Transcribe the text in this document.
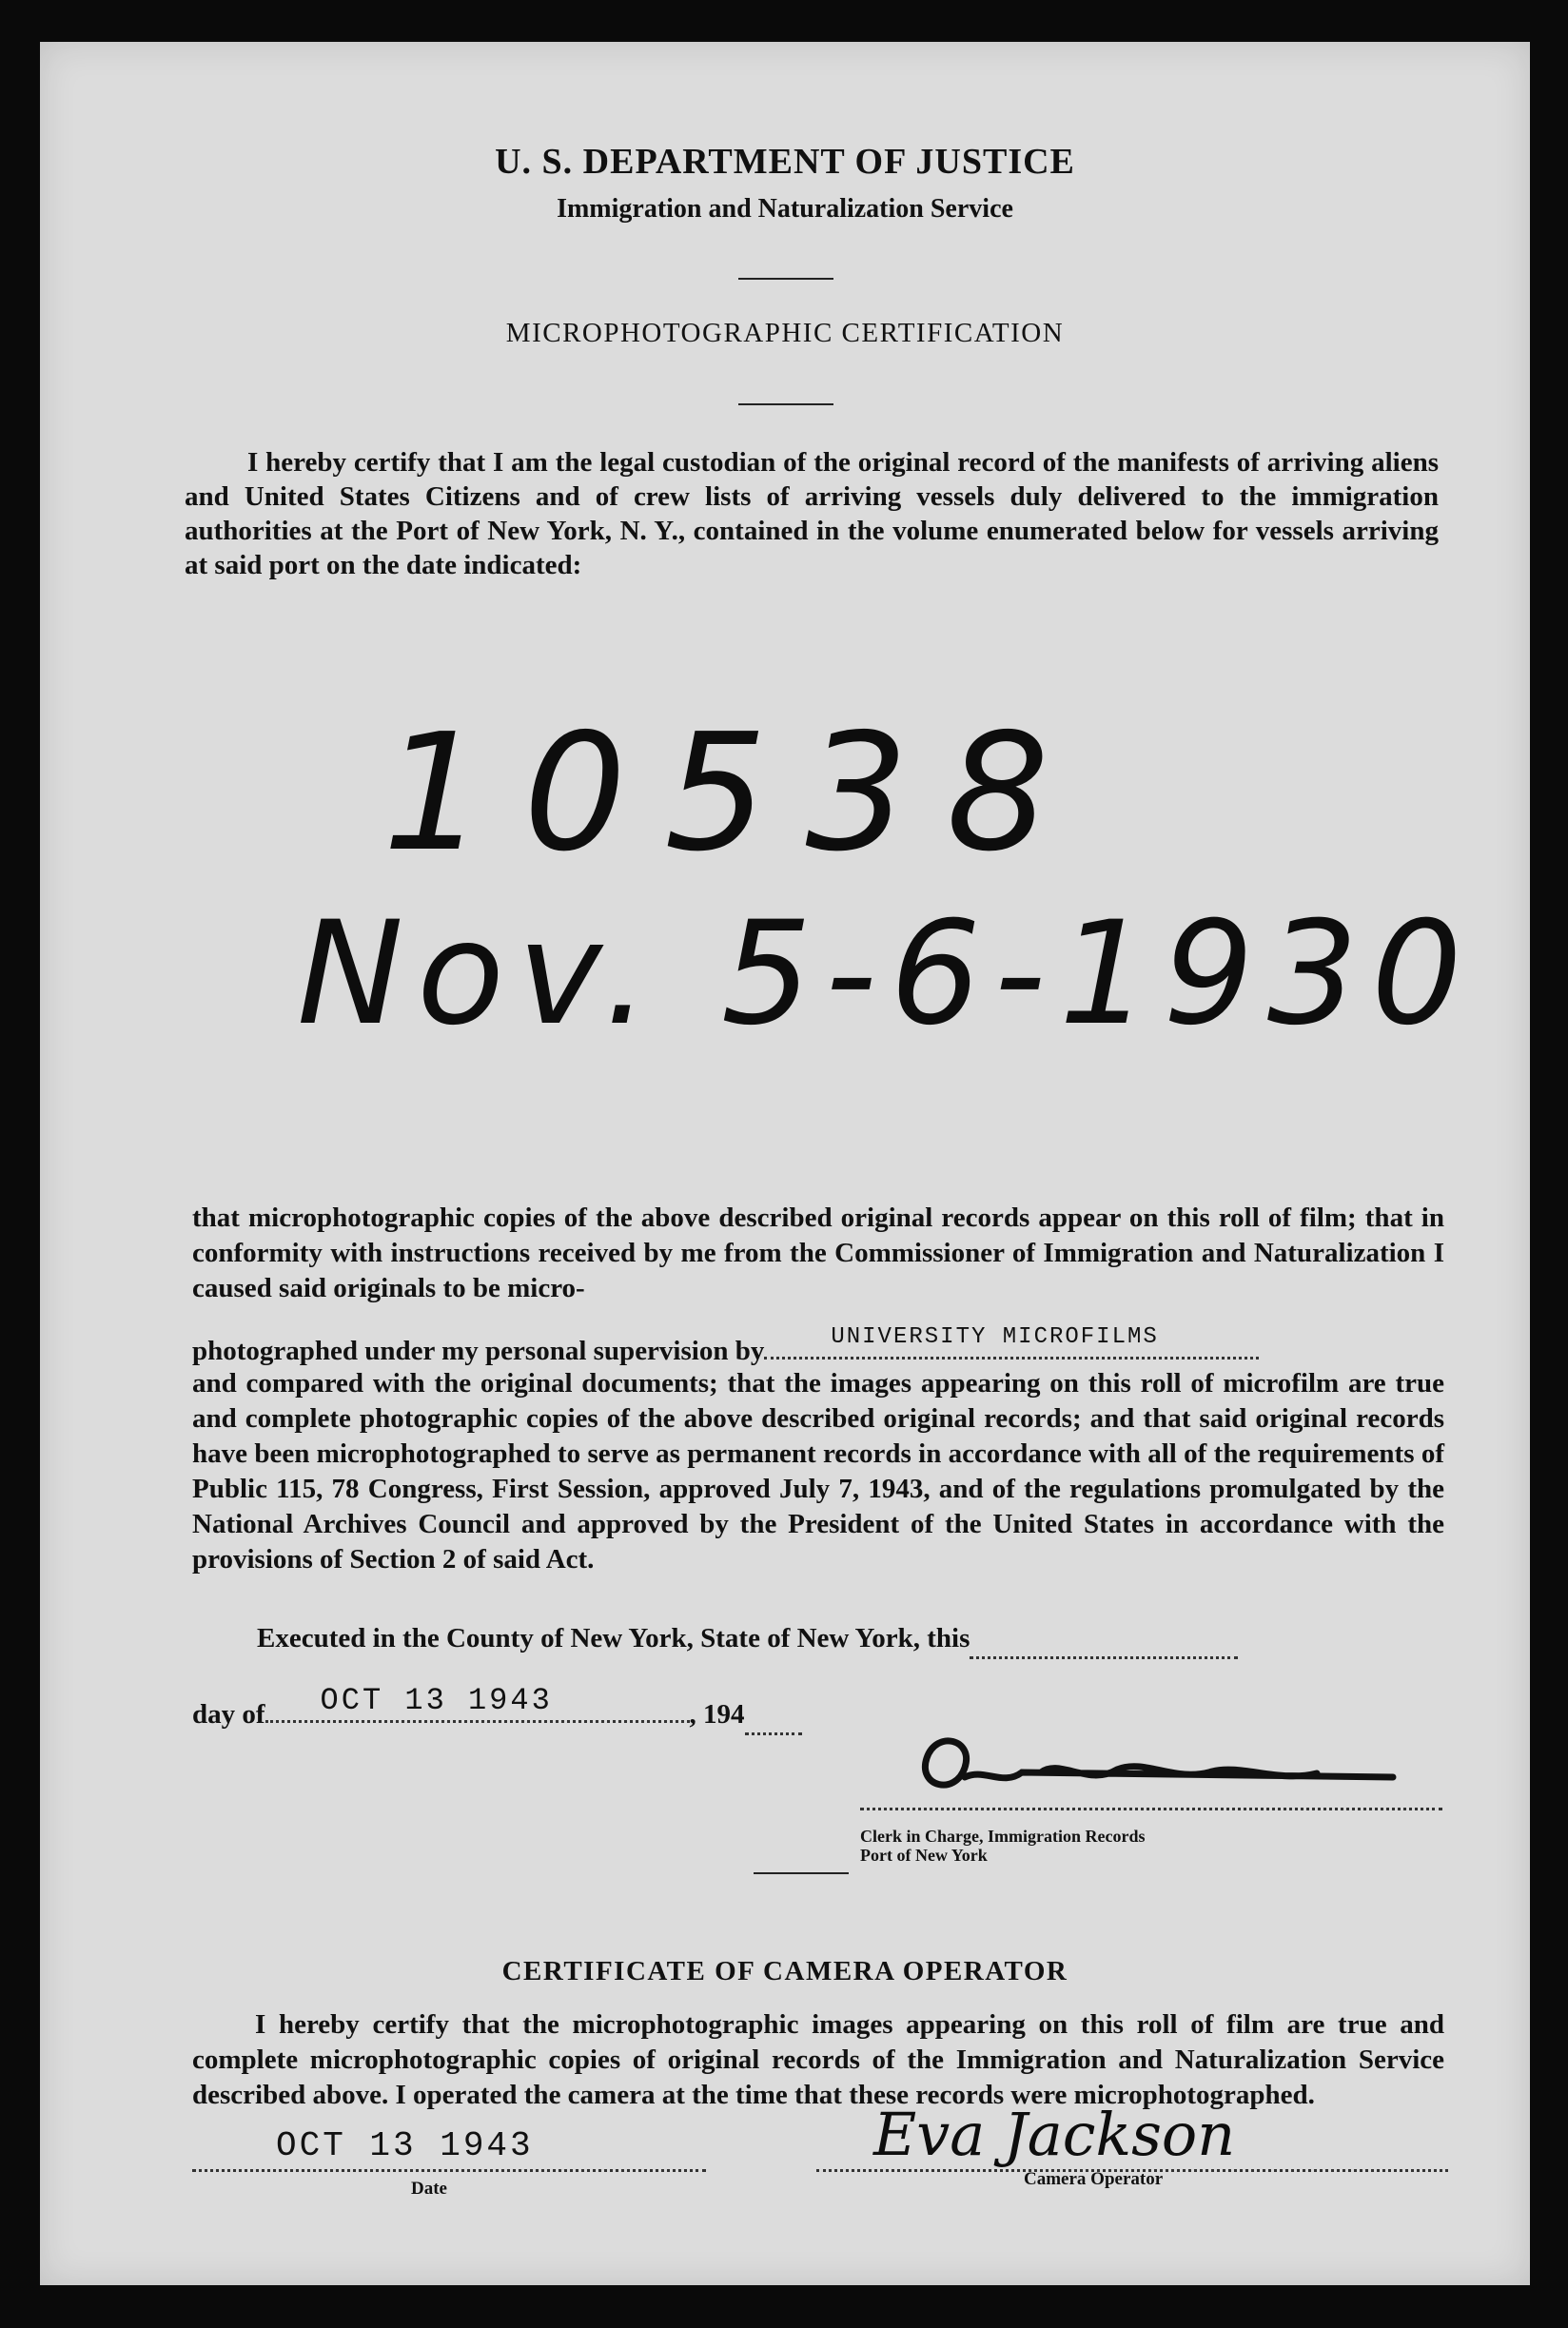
U. S. DEPARTMENT OF JUSTICE
Immigration and Naturalization Service
MICROPHOTOGRAPHIC CERTIFICATION
I hereby certify that I am the legal custodian of the original record of the manifests of arriving aliens and United States Citizens and of crew lists of arriving vessels duly delivered to the immigration authorities at the Port of New York, N. Y., contained in the volume enumerated below for vessels arriving at said port on the date indicated:
10538
Nov. 5-6-1930
that microphotographic copies of the above described original records appear on this roll of film; that in conformity with instructions received by me from the Commissioner of Immigration and Naturalization I caused said originals to be micro-
photographed under my personal supervision by	UNIVERSITY MICROFILMS
and compared with the original documents; that the images appearing on this roll of microfilm are true and complete photographic copies of the above described original records; and that said original records have been microphotographed to serve as permanent records in accordance with all of the requirements of Public 115, 78 Congress, First Session, approved July 7, 1943, and of the regulations promulgated by the National Archives Council and approved by the President of the United States in accordance with the provisions of Section 2 of said Act.
Executed in the County of New York, State of New York, this
day of OCT 13 1943	, 194
Clerk in Charge, Immigration Records
Port of New York
CERTIFICATE OF CAMERA OPERATOR
I hereby certify that the microphotographic images appearing on this roll of film are true and complete microphotographic copies of original records of the Immigration and Naturalization Service described above. I operated the camera at the time that these records were microphotographed.
OCT 13 1943
Date
Eva Jackson
Camera Operator
